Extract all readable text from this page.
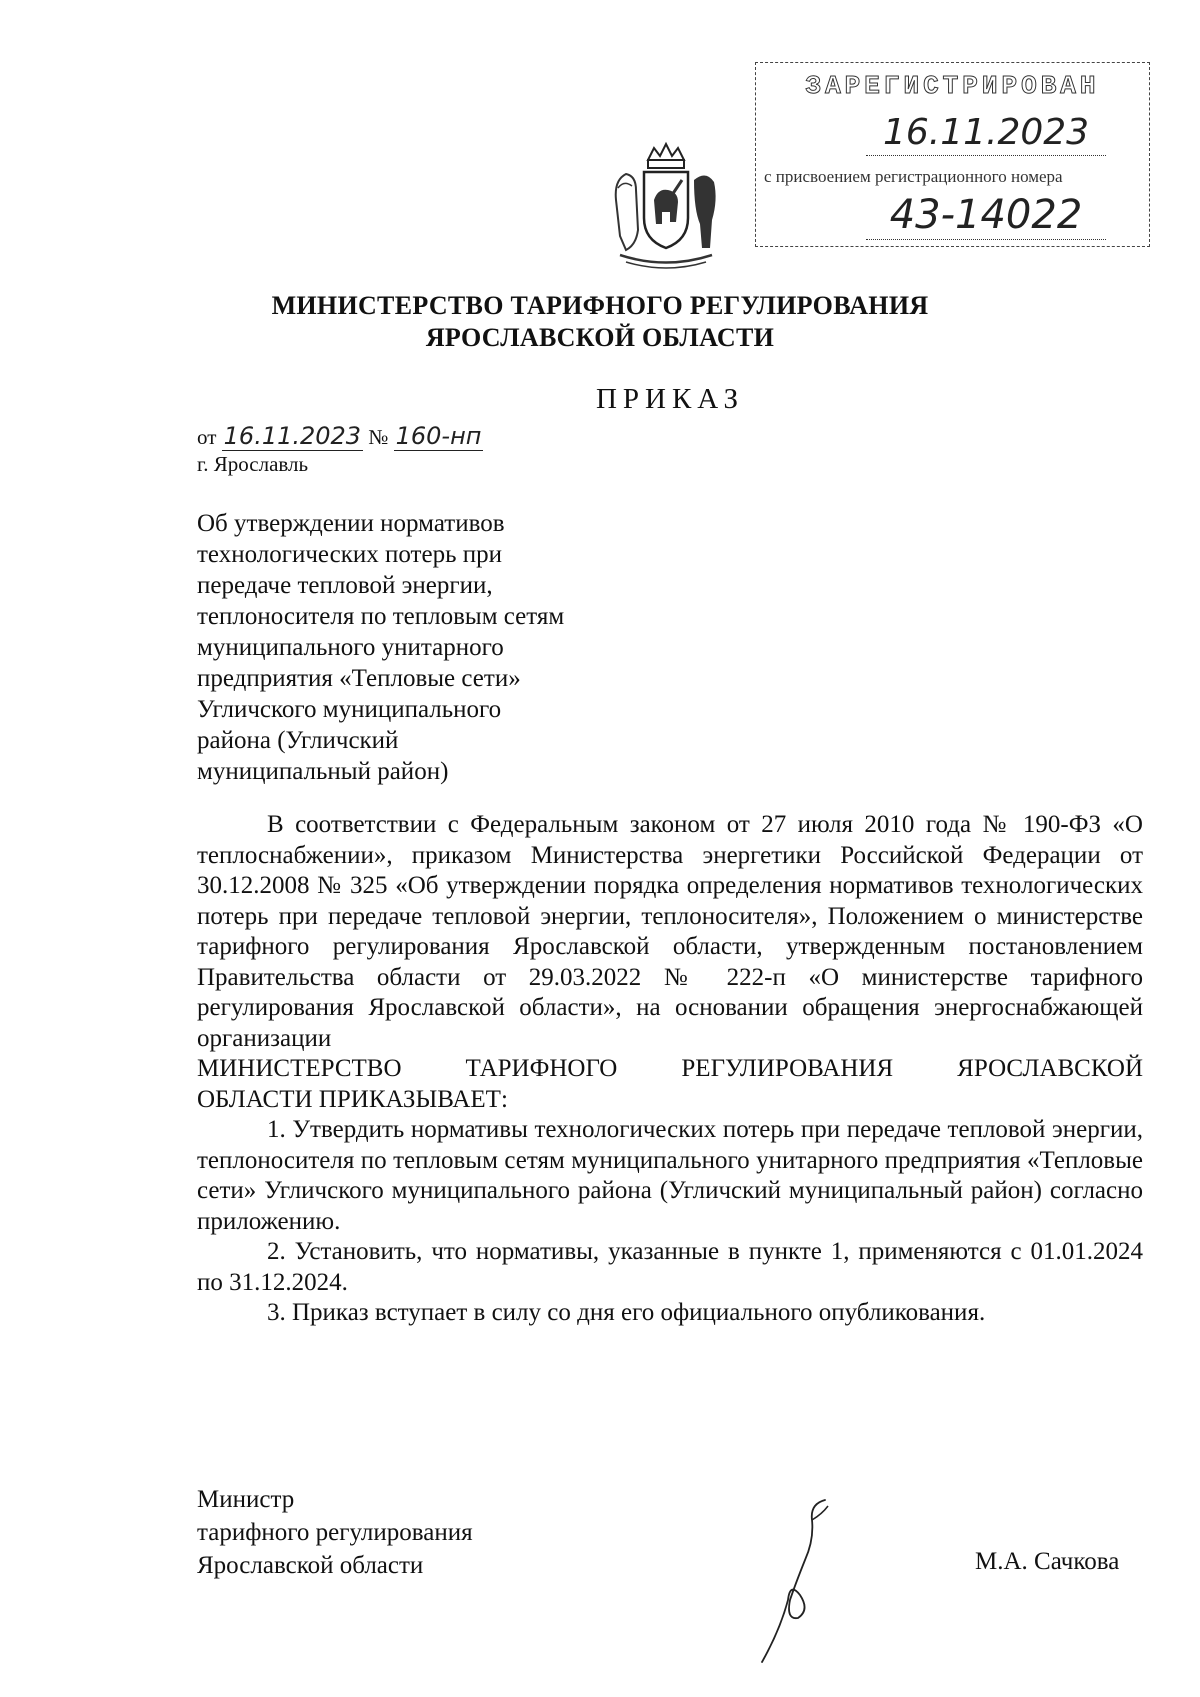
ЗАРЕГИСТРИРОВАН
16.11.2023
с присвоением регистрационного номера
43-14022
МИНИСТЕРСТВО ТАРИФНОГО РЕГУЛИРОВАНИЯ
ЯРОСЛАВСКОЙ ОБЛАСТИ
ПРИКАЗ
от 16.11.2023 № 160-нп
г. Ярославль
Об утверждении нормативов
технологических потерь при
передаче тепловой энергии,
теплоносителя по тепловым сетям
муниципального унитарного
предприятия «Тепловые сети»
Угличского муниципального
района (Угличский
муниципальный район)

В соответствии с Федеральным законом от 27 июля 2010 года № 190-ФЗ «О теплоснабжении», приказом Министерства энергетики Российской Федерации от 30.12.2008 № 325 «Об утверждении порядка определения нормативов технологических потерь при передаче тепловой энергии, теплоносителя», Положением о министерстве тарифного регулирования Ярославской области, утвержденным постановлением Правительства области от 29.03.2022 № 222-п «О министерстве тарифного регулирования Ярославской области», на основании обращения энергоснабжающей организации

МИНИСТЕРСТВО ТАРИФНОГО РЕГУЛИРОВАНИЯ ЯРОСЛАВСКОЙ

ОБЛАСТИ ПРИКАЗЫВАЕТ:

1. Утвердить нормативы технологических потерь при передаче тепловой энергии, теплоносителя по тепловым сетям муниципального унитарного предприятия «Тепловые сети» Угличского муниципального района (Угличский муниципальный район) согласно приложению.

2. Установить, что нормативы, указанные в пункте 1, применяются с 01.01.2024 по 31.12.2024.

3. Приказ вступает в силу со дня его официального опубликования.

Министр
тарифного регулирования
Ярославской области	М.А. Сачкова
